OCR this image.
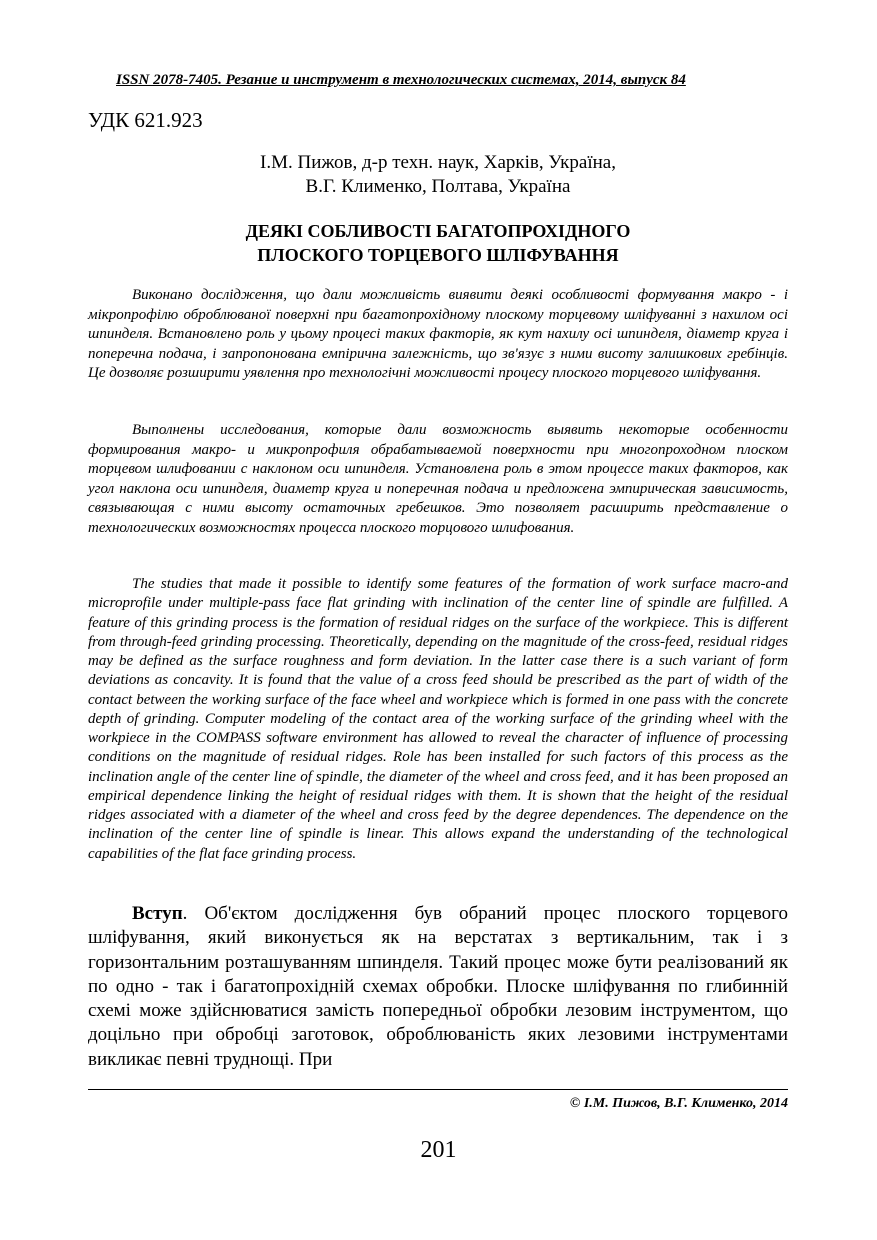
ISSN 2078-7405. Резание и инструмент в технологических системах, 2014, выпуск 84
УДК 621.923
І.М. Пижов, д-р техн. наук, Харків, Україна,
В.Г. Клименко, Полтава, Україна
ДЕЯКІ СОБЛИВОСТІ БАГАТОПРОХІДНОГО
ПЛОСКОГО ТОРЦЕВОГО ШЛІФУВАННЯ

Виконано дослідження, що дали можливість виявити деякі особливості формування макро - і мікропрофілю оброблюваної поверхні при багатопрохідному плоскому торцевому шліфуванні з нахилом осі шпинделя. Встановлено роль у цьому процесі таких факторів, як кут нахилу осі шпинделя, діаметр круга і поперечна подача, і запропонована емпірична залежність, що зв'язує з ними висоту залишкових гребінців. Це дозволяє розширити уявлення про технологічні можливості процесу плоского торцевого шліфування.

Выполнены исследования, которые дали возможность выявить некоторые особенности формирования макро- и микропрофиля обрабатываемой поверхности при многопроходном плоском торцевом шлифовании с наклоном оси шпинделя. Установлена роль в этом процессе таких факторов, как угол наклона оси шпинделя, диаметр круга и поперечная подача и предложена эмпирическая зависимость, связывающая с ними высоту остаточных гребешков. Это позволяет расширить представление о технологических возможностях процесса плоского торцового шлифования.

The studies that made it possible to identify some features of the formation of work surface macro-and microprofile under multiple-pass face flat grinding with inclination of the center line of spindle are fulfilled. A feature of this grinding process is the formation of residual ridges on the surface of the workpiece. This is different from through-feed grinding processing. Theoretically, depending on the magnitude of the cross-feed, residual ridges may be defined as the surface roughness and form deviation. In the latter case there is a such variant of form deviations as concavity. It is found that the value of a cross feed should be prescribed as the part of width of the contact between the working surface of the face wheel and workpiece which is formed in one pass with the concrete depth of grinding. Computer modeling of the contact area of the working surface of the grinding wheel with the workpiece in the COMPASS software environment has allowed to reveal the character of influence of processing conditions on the magnitude of residual ridges. Role has been installed for such factors of this process as the inclination angle of the center line of spindle, the diameter of the wheel and cross feed, and it has been proposed an empirical dependence linking the height of residual ridges with them. It is shown that the height of the residual ridges associated with a diameter of the wheel and cross feed by the degree dependences. The dependence on the inclination of the center line of spindle is linear. This allows expand the understanding of the technological capabilities of the flat face grinding process.

Вступ. Об'єктом дослідження був обраний процес плоского торцевого шліфування, який виконується як на верстатах з вертикальним, так і з горизонтальним розташуванням шпинделя. Такий процес може бути реалізований як по одно - так і багатопрохідній схемах обробки. Плоске шліфування по глибинній схемі може здійснюватися замість попередньої обробки лезовим інструментом, що доцільно при обробці заготовок, оброблюваність яких лезовими інструментами викликає певні труднощі. При

© І.М. Пижов, В.Г. Клименко, 2014
201
